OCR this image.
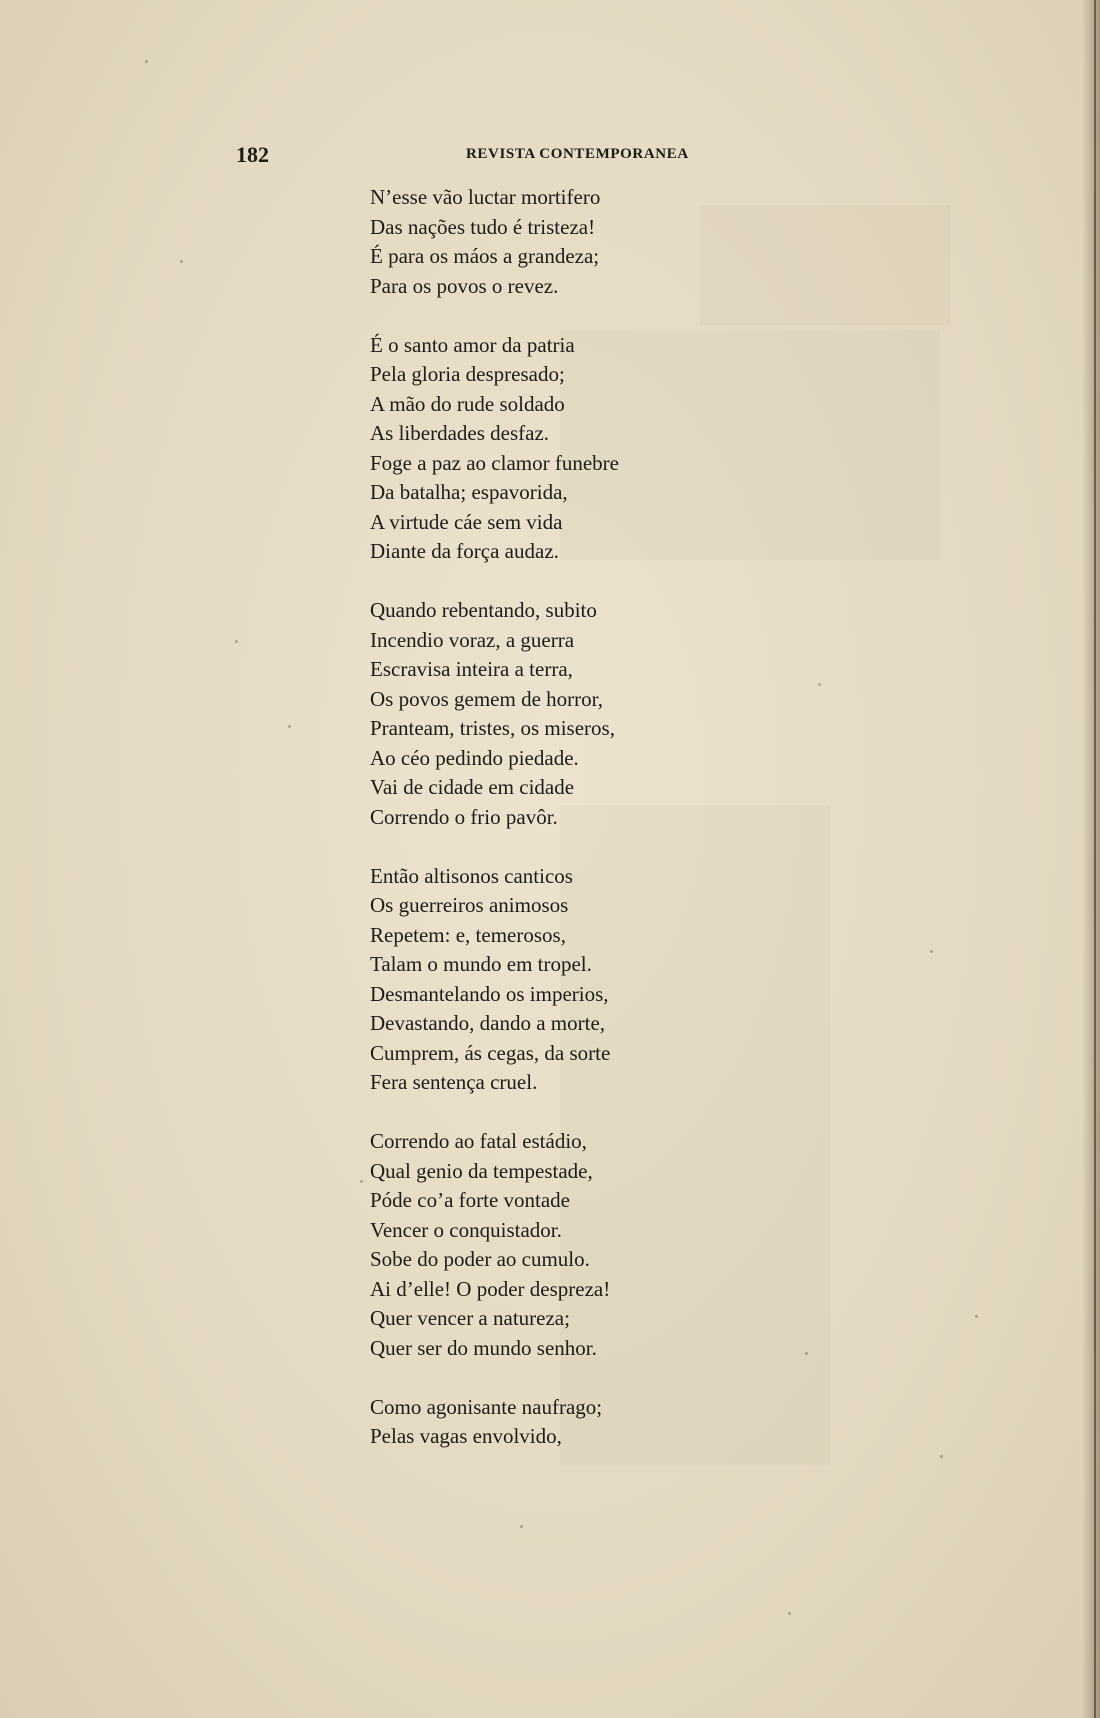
182	REVISTA CONTEMPORANEA
N’esse vão luctar mortifero
Das nações tudo é tristeza!
É para os máos a grandeza;
Para os povos o revez.
É o santo amor da patria
Pela gloria despresado;
A mão do rude soldado
As liberdades desfaz.
Foge a paz ao clamor funebre
Da batalha; espavorida,
A virtude cáe sem vida
Diante da força audaz.
Quando rebentando, subito
Incendio voraz, a guerra
Escravisa inteira a terra,
Os povos gemem de horror,
Pranteam, tristes, os miseros,
Ao céo pedindo piedade.
Vai de cidade em cidade
Correndo o frio pavôr.
Então altisonos canticos
Os guerreiros animosos
Repetem: e, temerosos,
Talam o mundo em tropel.
Desmantelando os imperios,
Devastando, dando a morte,
Cumprem, ás cegas, da sorte
Fera sentença cruel.
Correndo ao fatal estádio,
Qual genio da tempestade,
Póde co’a forte vontade
Vencer o conquistador.
Sobe do poder ao cumulo.
Ai d’elle! O poder despreza!
Quer vencer a natureza;
Quer ser do mundo senhor.
Como agonisante naufrago;
Pelas vagas envolvido,
